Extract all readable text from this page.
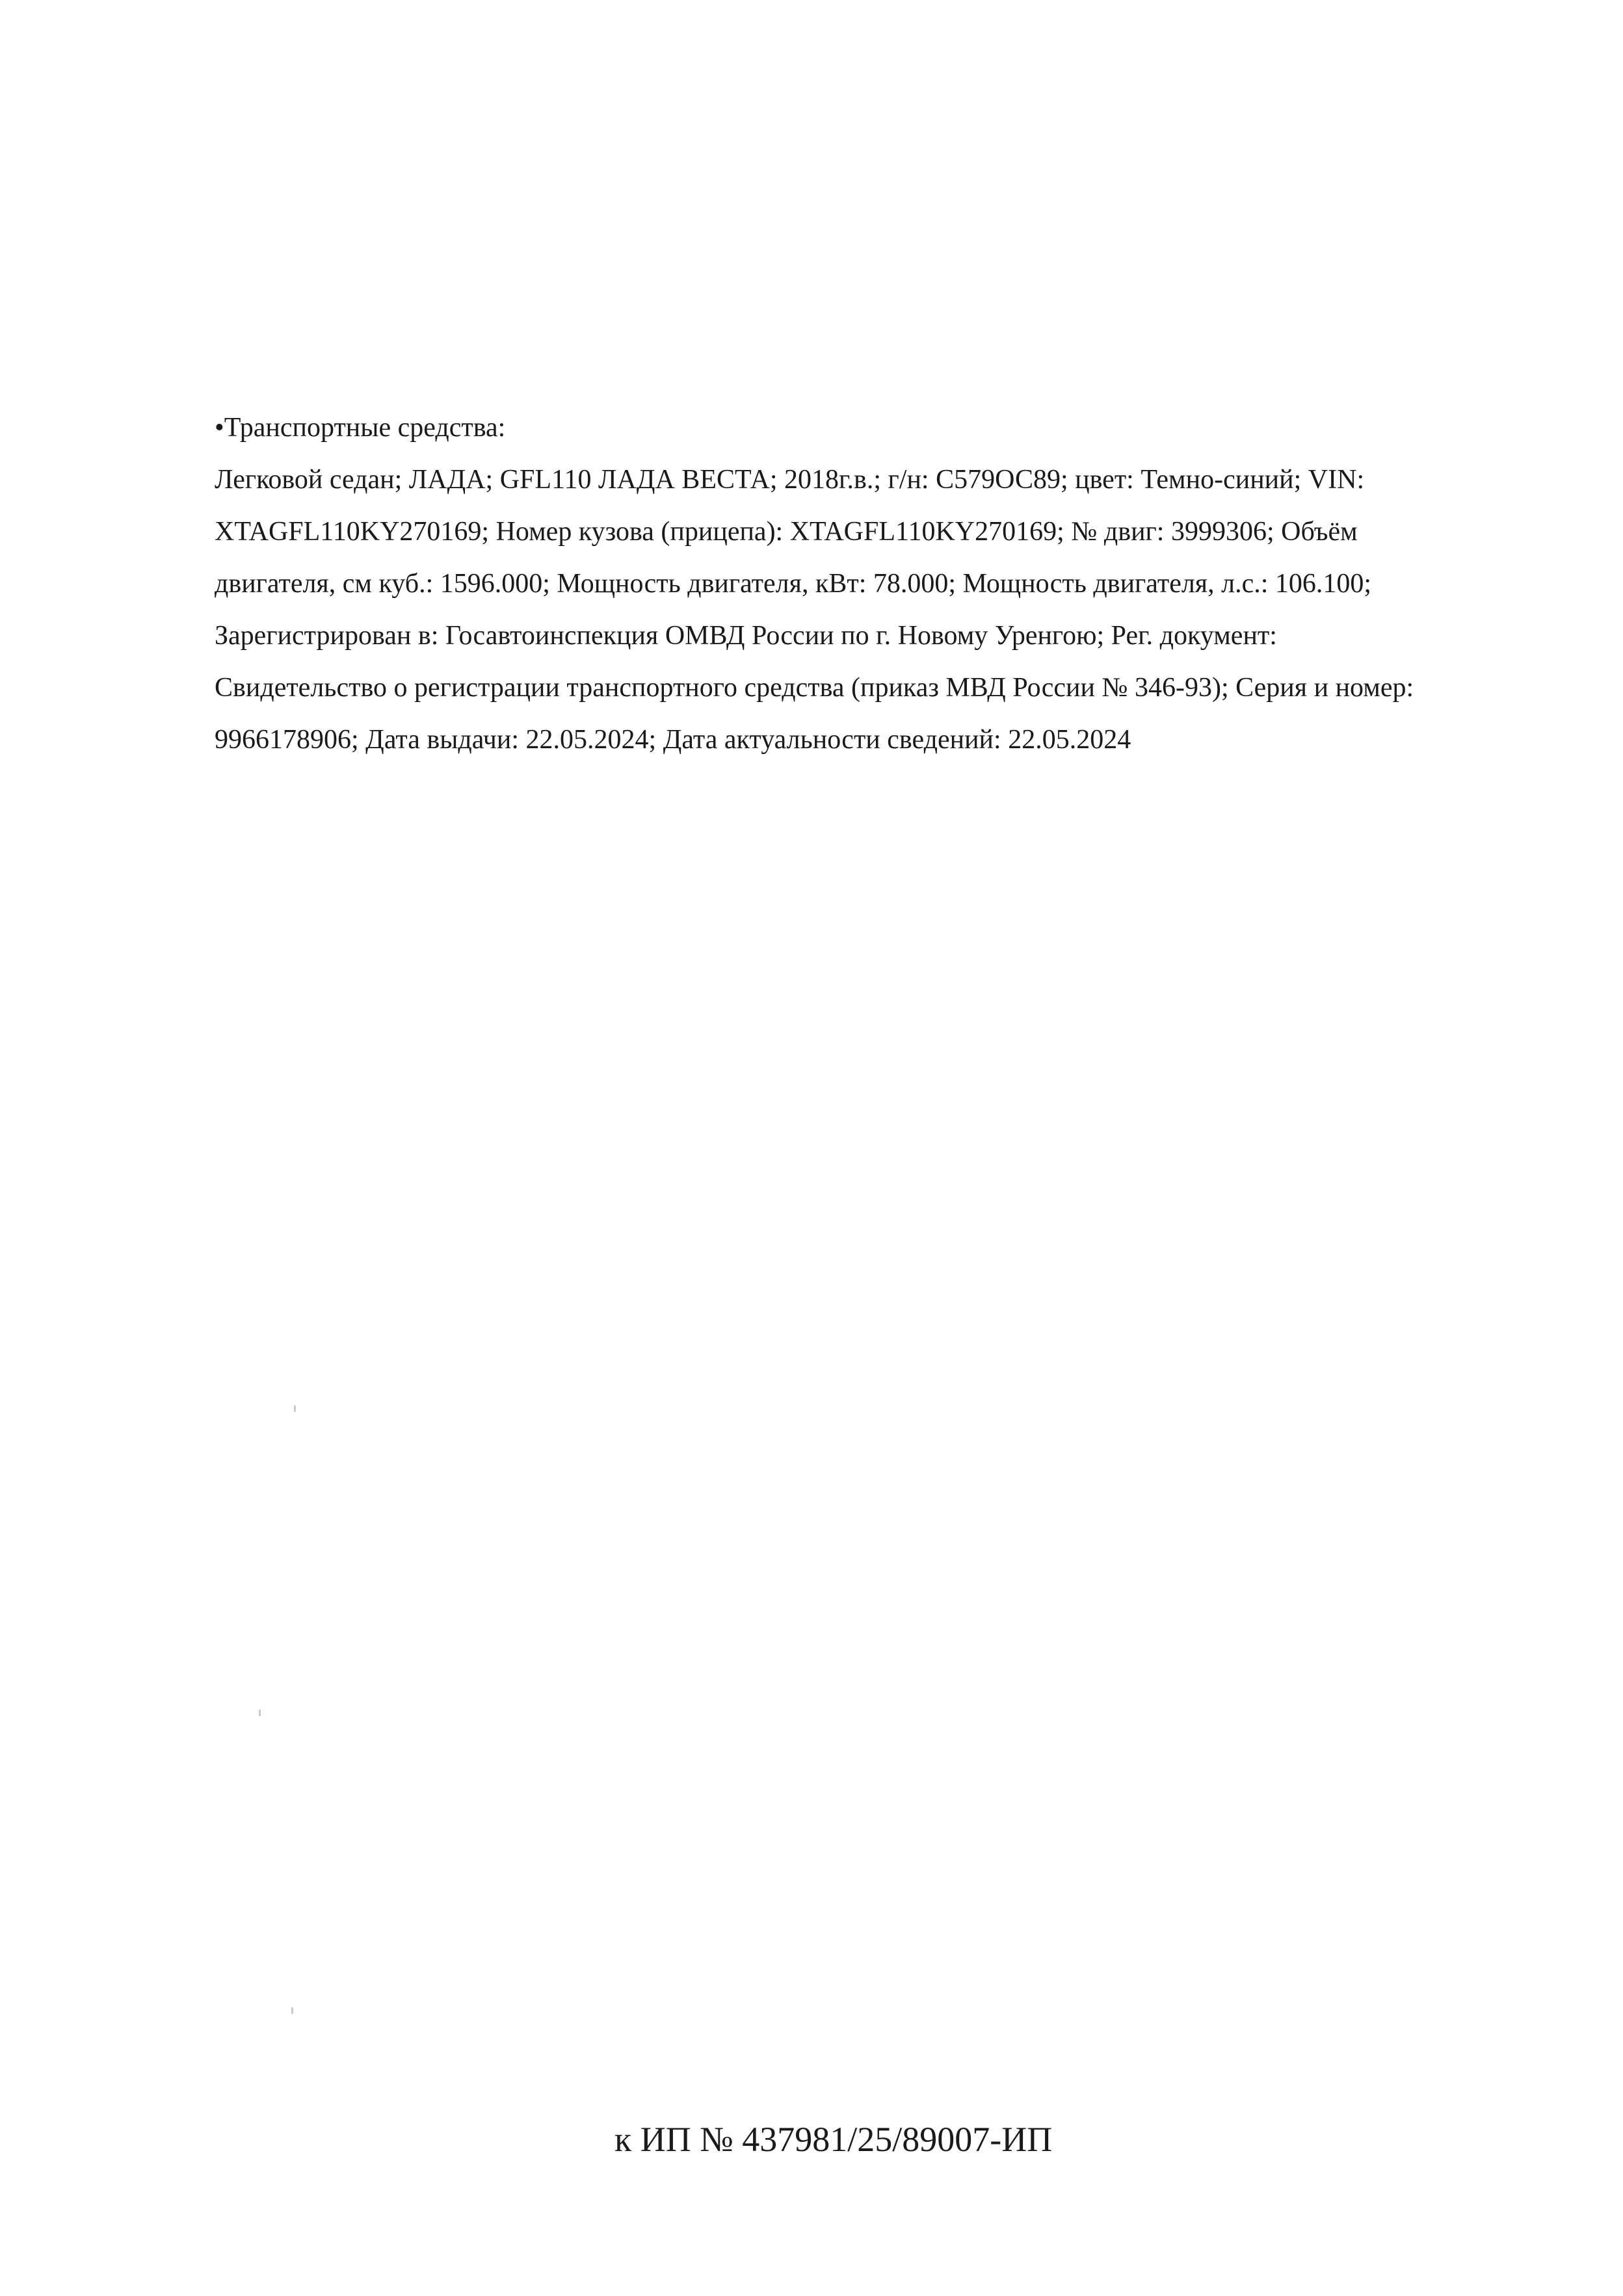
•Транспортные средства:
Легковой седан; ЛАДА; GFL110 ЛАДА ВЕСТА; 2018г.в.; г/н: С579ОС89; цвет: Темно-синий; VIN:
XTAGFL110KY270169; Номер кузова (прицепа): XTAGFL110KY270169; № двиг: 3999306; Объём
двигателя, см куб.: 1596.000; Мощность двигателя, кВт: 78.000; Мощность двигателя, л.с.: 106.100;
Зарегистрирован в: Госавтоинспекция ОМВД России по г. Новому Уренгою; Рег. документ:
Свидетельство о регистрации транспортного средства (приказ МВД России № 346-93); Серия и номер:
9966178906; Дата выдачи: 22.05.2024; Дата актуальности сведений: 22.05.2024
к ИП № 437981/25/89007-ИП
